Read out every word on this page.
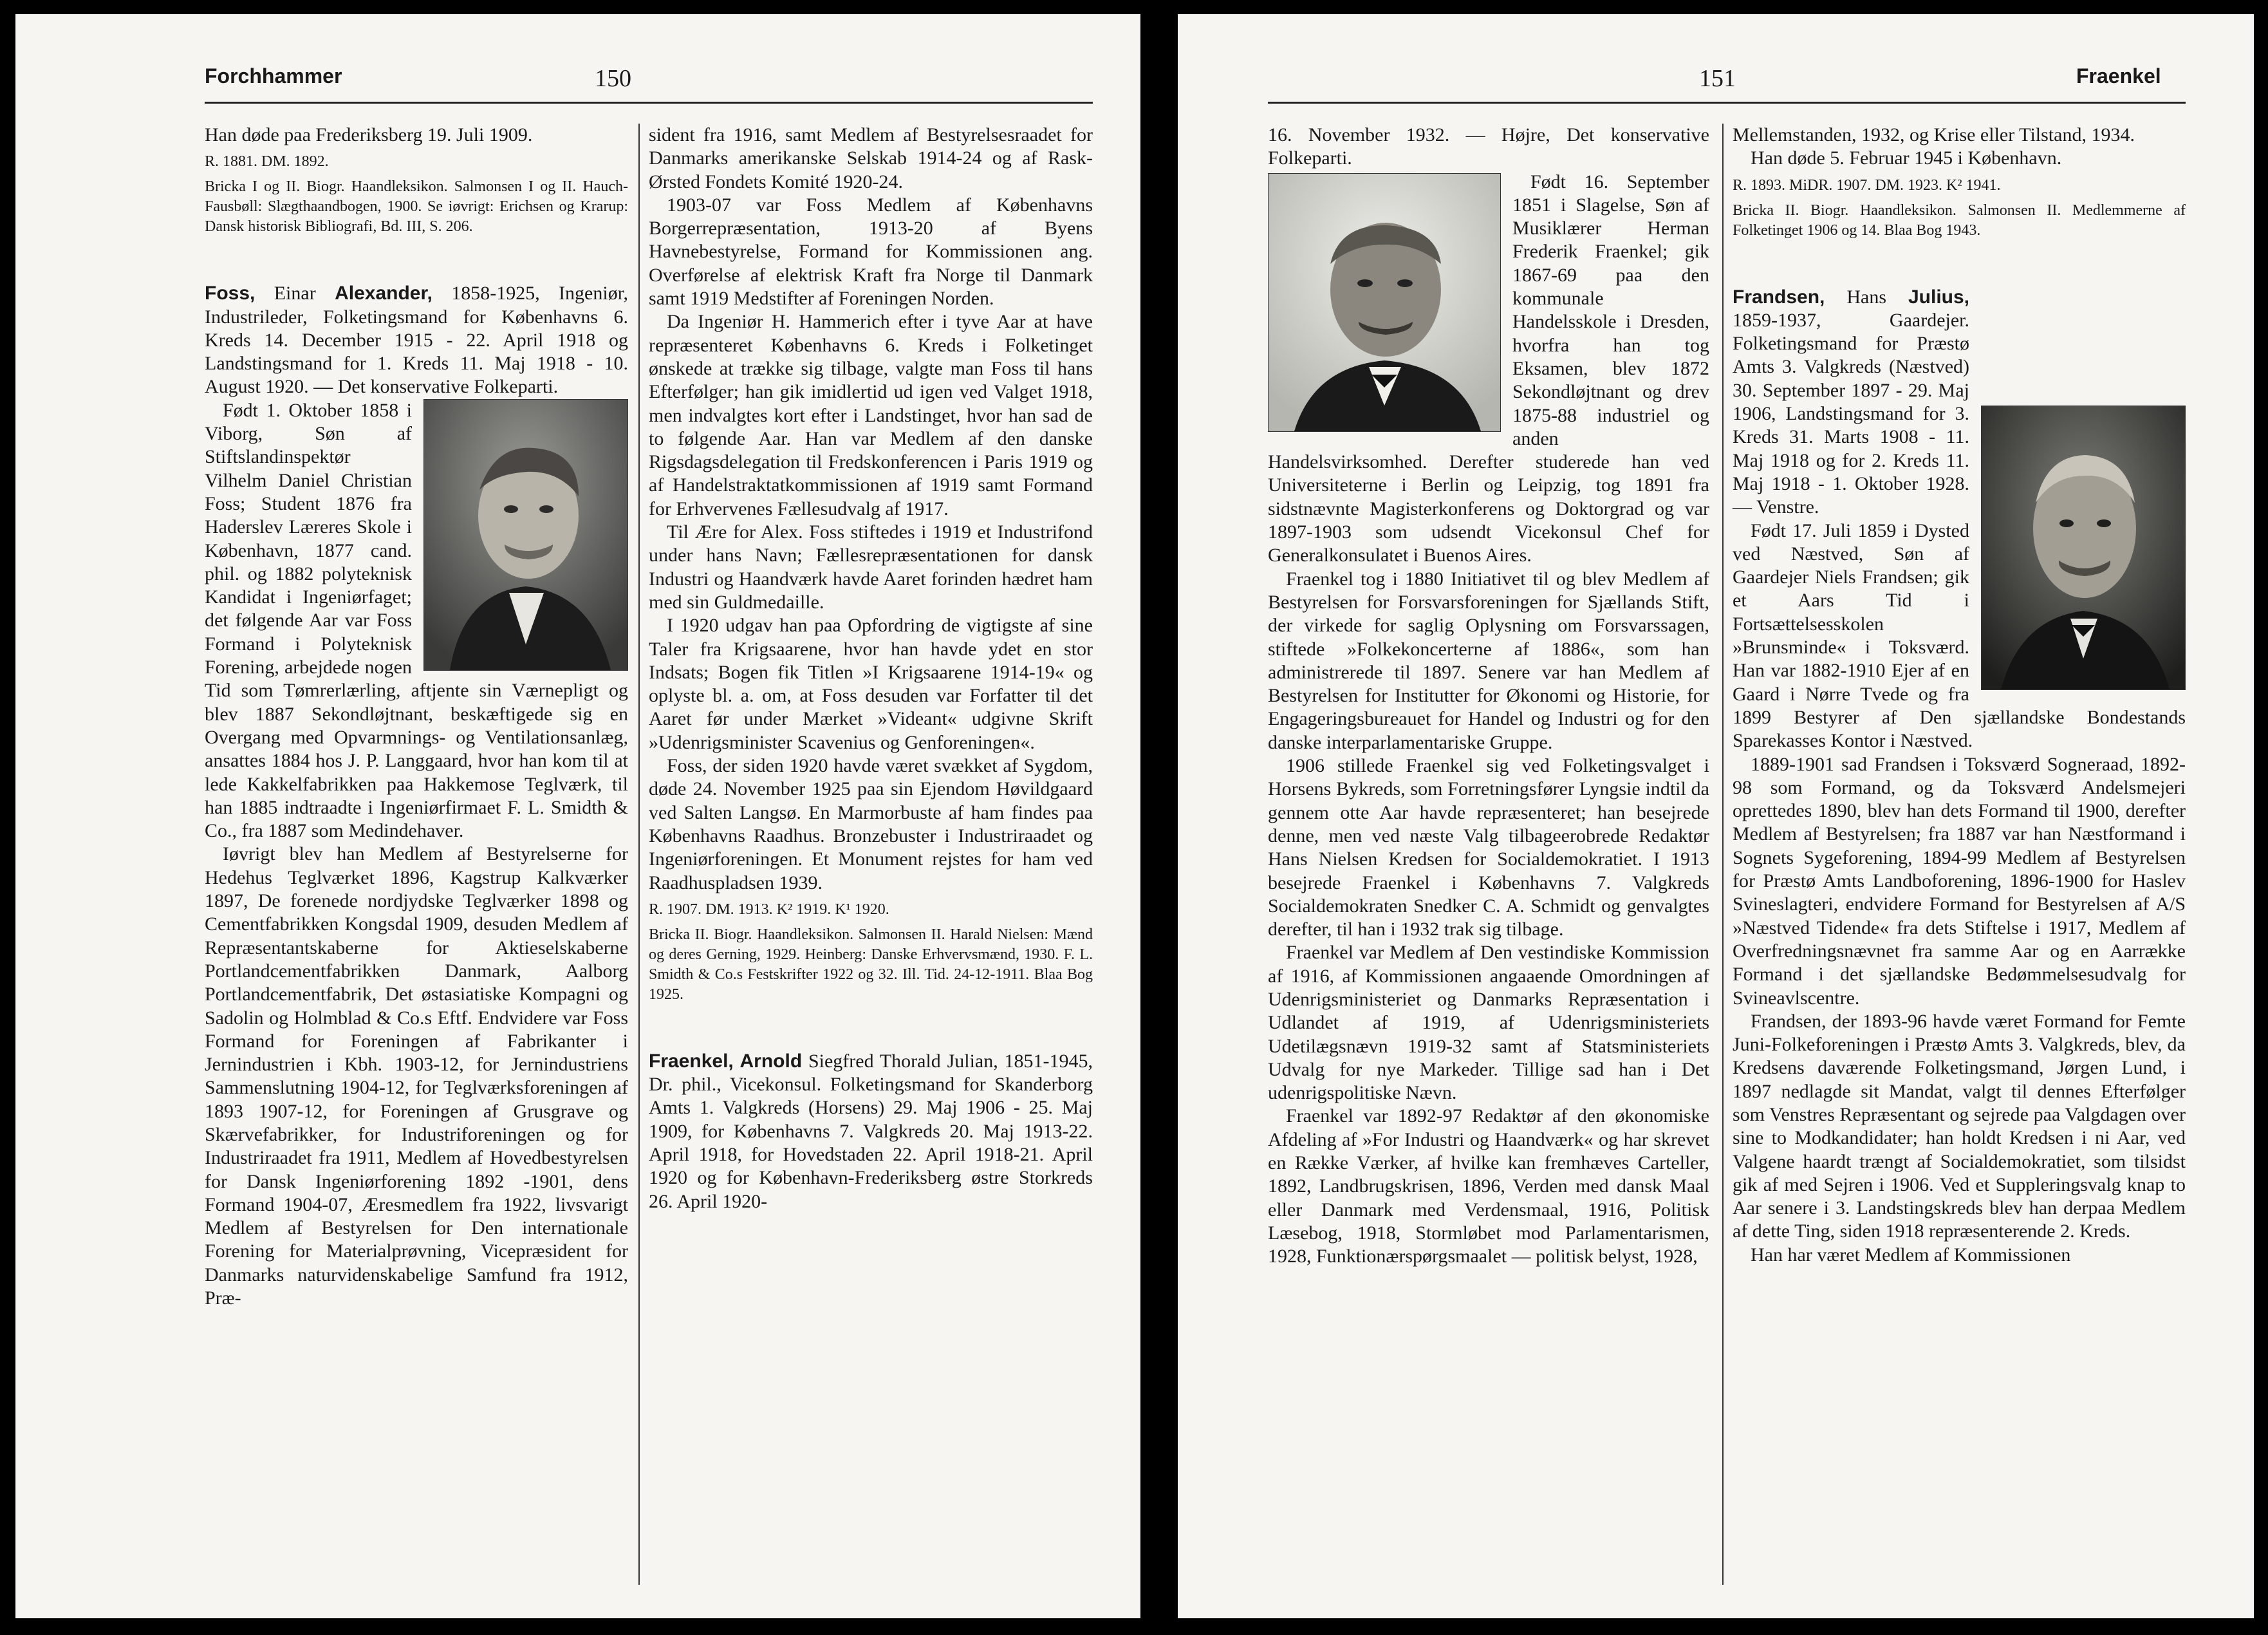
Forchhammer	150

Han døde paa Frederiksberg 19. Juli 1909.

R. 1881. DM. 1892.

Bricka I og II. Biogr. Haandleksikon. Salmonsen I og II. Hauch-Fausbøll: Slægthaandbogen, 1900. Se iøvrigt: Erichsen og Krarup: Dansk historisk Bibliografi, Bd. III, S. 206.

Foss, Einar Alexander, 1858-1925, Ingeniør, Industrileder, Folketingsmand for Københavns 6. Kreds 14. December 1915 - 22. April 1918 og Landstingsmand for 1. Kreds 11. Maj 1918 - 10. August 1920. — Det konservative Folkeparti.

Født 1. Oktober 1858 i Viborg, Søn af Stiftslandinspektør Vilhelm Daniel Christian Foss; Student 1876 fra Haderslev Læreres Skole i København, 1877 cand. phil. og 1882 polyteknisk Kandidat i Ingeniørfaget; det følgende Aar var Foss Formand i Polyteknisk Forening, arbejdede nogen Tid som Tømrerlærling, aftjente sin Værnepligt og blev 1887 Sekondløjtnant, beskæftigede sig en Overgang med Opvarmnings- og Ventilationsanlæg, ansattes 1884 hos J. P. Langgaard, hvor han kom til at lede Kakkelfabrikken paa Hakkemose Teglværk, til han 1885 indtraadte i Ingeniørfirmaet F. L. Smidth & Co., fra 1887 som Medindehaver.

Iøvrigt blev han Medlem af Bestyrelserne for Hedehus Teglværket 1896, Kagstrup Kalkværker 1897, De forenede nordjydske Teglværker 1898 og Cementfabrikken Kongsdal 1909, desuden Medlem af Repræsentantskaberne for Aktieselskaberne Portlandcementfabrikken Danmark, Aalborg Portlandcementfabrik, Det østasiatiske Kompagni og Sadolin og Holmblad & Co.s Eftf. Endvidere var Foss Formand for Foreningen af Fabrikanter i Jernindustrien i Kbh. 1903-12, for Jernindustriens Sammenslutning 1904-12, for Teglværksforeningen af 1893 1907-12, for Foreningen af Grusgrave og Skærvefabrikker, for Industriforeningen og for Industriraadet fra 1911, Medlem af Hovedbestyrelsen for Dansk Ingeniørforening 1892 -1901, dens Formand 1904-07, Æresmedlem fra 1922, livsvarigt Medlem af Bestyrelsen for Den internationale Forening for Materialprøvning, Vicepræsident for Danmarks naturvidenskabelige Samfund fra 1912, Præ-

sident fra 1916, samt Medlem af Bestyrelsesraadet for Danmarks amerikanske Selskab 1914-24 og af Rask-Ørsted Fondets Komité 1920-24.

1903-07 var Foss Medlem af Københavns Borgerrepræsentation, 1913-20 af Byens Havnebestyrelse, Formand for Kommissionen ang. Overførelse af elektrisk Kraft fra Norge til Danmark samt 1919 Medstifter af Foreningen Norden.

Da Ingeniør H. Hammerich efter i tyve Aar at have repræsenteret Københavns 6. Kreds i Folketinget ønskede at trække sig tilbage, valgte man Foss til hans Efterfølger; han gik imidlertid ud igen ved Valget 1918, men indvalgtes kort efter i Landstinget, hvor han sad de to følgende Aar. Han var Medlem af den danske Rigsdagsdelegation til Fredskonferencen i Paris 1919 og af Handelstraktatkommissionen af 1919 samt Formand for Erhvervenes Fællesudvalg af 1917.

Til Ære for Alex. Foss stiftedes i 1919 et Industrifond under hans Navn; Fællesrepræsentationen for dansk Industri og Haandværk havde Aaret forinden hædret ham med sin Guldmedaille.

I 1920 udgav han paa Opfordring de vigtigste af sine Taler fra Krigsaarene, hvor han havde ydet en stor Indsats; Bogen fik Titlen »I Krigsaarene 1914-19« og oplyste bl. a. om, at Foss desuden var Forfatter til det Aaret før under Mærket »Videant« udgivne Skrift »Udenrigsminister Scavenius og Genforeningen«.

Foss, der siden 1920 havde været svækket af Sygdom, døde 24. November 1925 paa sin Ejendom Høvildgaard ved Salten Langsø. En Marmorbuste af ham findes paa Københavns Raadhus. Bronzebuster i Industriraadet og Ingeniørforeningen. Et Monument rejstes for ham ved Raadhuspladsen 1939.

R. 1907. DM. 1913. K² 1919. K¹ 1920.

Bricka II. Biogr. Haandleksikon. Salmonsen II. Harald Nielsen: Mænd og deres Gerning, 1929. Heinberg: Danske Erhvervsmænd, 1930. F. L. Smidth & Co.s Festskrifter 1922 og 32. Ill. Tid. 24-12-1911. Blaa Bog 1925.

Fraenkel, Arnold Siegfred Thorald Julian, 1851-1945, Dr. phil., Vicekonsul. Folketingsmand for Skanderborg Amts 1. Valgkreds (Horsens) 29. Maj 1906 - 25. Maj 1909, for Københavns 7. Valgkreds 20. Maj 1913-22. April 1918, for Hovedstaden 22. April 1918-21. April 1920 og for København-Frederiksberg østre Storkreds 26. April 1920-

151	Fraenkel

16. November 1932. — Højre, Det konservative Folkeparti.

Født 16. September 1851 i Slagelse, Søn af Musiklærer Herman Frederik Fraenkel; gik 1867-69 paa den kommunale Handelsskole i Dresden, hvorfra han tog Eksamen, blev 1872 Sekondløjtnant og drev 1875-88 industriel og anden Handelsvirksomhed. Derefter studerede han ved Universiteterne i Berlin og Leipzig, tog 1891 fra sidstnævnte Magisterkonferens og Doktorgrad og var 1897-1903 som udsendt Vicekonsul Chef for Generalkonsulatet i Buenos Aires.

Fraenkel tog i 1880 Initiativet til og blev Medlem af Bestyrelsen for Forsvarsforeningen for Sjællands Stift, der virkede for saglig Oplysning om Forsvarssagen, stiftede »Folkekoncerterne af 1886«, som han administrerede til 1897. Senere var han Medlem af Bestyrelsen for Institutter for Økonomi og Historie, for Engageringsbureauet for Handel og Industri og for den danske interparlamentariske Gruppe.

1906 stillede Fraenkel sig ved Folketingsvalget i Horsens Bykreds, som Forretningsfører Lyngsie indtil da gennem otte Aar havde repræsenteret; han besejrede denne, men ved næste Valg tilbageerobrede Redaktør Hans Nielsen Kredsen for Socialdemokratiet. I 1913 besejrede Fraenkel i Københavns 7. Valgkreds Socialdemokraten Snedker C. A. Schmidt og genvalgtes derefter, til han i 1932 trak sig tilbage.

Fraenkel var Medlem af Den vestindiske Kommission af 1916, af Kommissionen angaaende Omordningen af Udenrigsministeriet og Danmarks Repræsentation i Udlandet af 1919, af Udenrigsministeriets Udetilægsnævn 1919-32 samt af Statsministeriets Udvalg for nye Markeder. Tillige sad han i Det udenrigspolitiske Nævn.

Fraenkel var 1892-97 Redaktør af den økonomiske Afdeling af »For Industri og Haandværk« og har skrevet en Række Værker, af hvilke kan fremhæves Carteller, 1892, Landbrugskrisen, 1896, Verden med dansk Maal eller Danmark med Verdensmaal, 1916, Politisk Læsebog, 1918, Stormløbet mod Parlamentarismen, 1928, Funktionærspørgsmaalet — politisk belyst, 1928,

Mellemstanden, 1932, og Krise eller Tilstand, 1934.

Han døde 5. Februar 1945 i København.

R. 1893. MiDR. 1907. DM. 1923. K² 1941.

Bricka II. Biogr. Haandleksikon. Salmonsen II. Medlemmerne af Folketinget 1906 og 14. Blaa Bog 1943.

Frandsen, Hans Julius, 1859-1937, Gaardejer. Folketingsmand for Præstø Amts 3. Valgkreds (Næstved) 30. September 1897 - 29. Maj 1906, Landstingsmand for 3. Kreds 31. Marts 1908 - 11. Maj 1918 og for 2. Kreds 11. Maj 1918 - 1. Oktober 1928. — Venstre.

Født 17. Juli 1859 i Dysted ved Næstved, Søn af Gaardejer Niels Frandsen; gik et Aars Tid i Fortsættelsesskolen »Brunsminde« i Toksværd. Han var 1882-1910 Ejer af en Gaard i Nørre Tvede og fra 1899 Bestyrer af Den sjællandske Bondestands Sparekasses Kontor i Næstved.

1889-1901 sad Frandsen i Toksværd Sogneraad, 1892-98 som Formand, og da Toksværd Andelsmejeri oprettedes 1890, blev han dets Formand til 1900, derefter Medlem af Bestyrelsen; fra 1887 var han Næstformand i Sognets Sygeforening, 1894-99 Medlem af Bestyrelsen for Præstø Amts Landboforening, 1896-1900 for Haslev Svineslagteri, endvidere Formand for Bestyrelsen af A/S »Næstved Tidende« fra dets Stiftelse i 1917, Medlem af Overfredningsnævnet fra samme Aar og en Aarrække Formand i det sjællandske Bedømmelsesudvalg for Svineavlscentre.

Frandsen, der 1893-96 havde været Formand for Femte Juni-Folkeforeningen i Præstø Amts 3. Valgkreds, blev, da Kredsens daværende Folketingsmand, Jørgen Lund, i 1897 nedlagde sit Mandat, valgt til dennes Efterfølger som Venstres Repræsentant og sejrede paa Valgdagen over sine to Modkandidater; han holdt Kredsen i ni Aar, ved Valgene haardt trængt af Socialdemokratiet, som tilsidst gik af med Sejren i 1906. Ved et Suppleringsvalg knap to Aar senere i 3. Landstingskreds blev han derpaa Medlem af dette Ting, siden 1918 repræsenterende 2. Kreds.

Han har været Medlem af Kommissionen
